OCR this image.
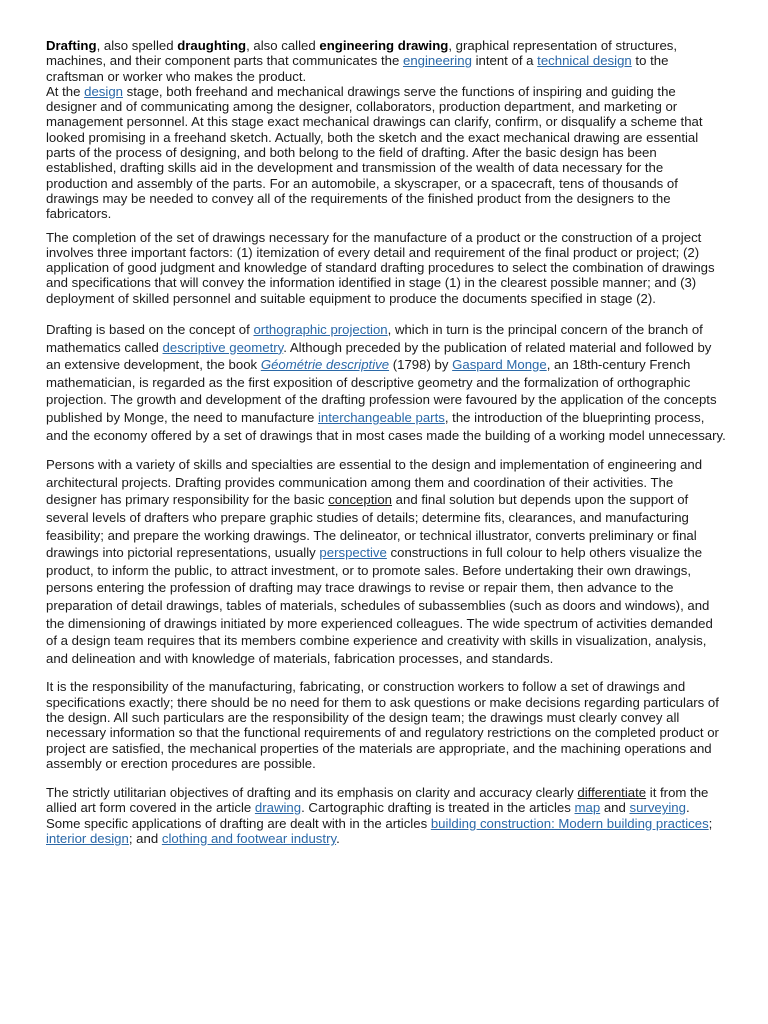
Drafting, also spelled draughting, also called engineering drawing, graphical representation of structures, machines, and their component parts that communicates the engineering intent of a technical design to the craftsman or worker who makes the product.

At the design stage, both freehand and mechanical drawings serve the functions of inspiring and guiding the designer and of communicating among the designer, collaborators, production department, and marketing or management personnel. At this stage exact mechanical drawings can clarify, confirm, or disqualify a scheme that looked promising in a freehand sketch. Actually, both the sketch and the exact mechanical drawing are essential parts of the process of designing, and both belong to the field of drafting. After the basic design has been established, drafting skills aid in the development and transmission of the wealth of data necessary for the production and assembly of the parts. For an automobile, a skyscraper, or a spacecraft, tens of thousands of drawings may be needed to convey all of the requirements of the finished product from the designers to the fabricators.

The completion of the set of drawings necessary for the manufacture of a product or the construction of a project involves three important factors: (1) itemization of every detail and requirement of the final product or project; (2) application of good judgment and knowledge of standard drafting procedures to select the combination of drawings and specifications that will convey the information identified in stage (1) in the clearest possible manner; and (3) deployment of skilled personnel and suitable equipment to produce the documents specified in stage (2).

Drafting is based on the concept of orthographic projection, which in turn is the principal concern of the branch of mathematics called descriptive geometry. Although preceded by the publication of related material and followed by an extensive development, the book Géométrie descriptive (1798) by Gaspard Monge, an 18th-century French mathematician, is regarded as the first exposition of descriptive geometry and the formalization of orthographic projection. The growth and development of the drafting profession were favoured by the application of the concepts published by Monge, the need to manufacture interchangeable parts, the introduction of the blueprinting process, and the economy offered by a set of drawings that in most cases made the building of a working model unnecessary.

Persons with a variety of skills and specialties are essential to the design and implementation of engineering and architectural projects. Drafting provides communication among them and coordination of their activities. The designer has primary responsibility for the basic conception and final solution but depends upon the support of several levels of drafters who prepare graphic studies of details; determine fits, clearances, and manufacturing feasibility; and prepare the working drawings. The delineator, or technical illustrator, converts preliminary or final drawings into pictorial representations, usually perspective constructions in full colour to help others visualize the product, to inform the public, to attract investment, or to promote sales. Before undertaking their own drawings, persons entering the profession of drafting may trace drawings to revise or repair them, then advance to the preparation of detail drawings, tables of materials, schedules of subassemblies (such as doors and windows), and the dimensioning of drawings initiated by more experienced colleagues. The wide spectrum of activities demanded of a design team requires that its members combine experience and creativity with skills in visualization, analysis, and delineation and with knowledge of materials, fabrication processes, and standards.

It is the responsibility of the manufacturing, fabricating, or construction workers to follow a set of drawings and specifications exactly; there should be no need for them to ask questions or make decisions regarding particulars of the design. All such particulars are the responsibility of the design team; the drawings must clearly convey all necessary information so that the functional requirements of and regulatory restrictions on the completed product or project are satisfied, the mechanical properties of the materials are appropriate, and the machining operations and assembly or erection procedures are possible.

The strictly utilitarian objectives of drafting and its emphasis on clarity and accuracy clearly differentiate it from the allied art form covered in the article drawing. Cartographic drafting is treated in the articles map and surveying. Some specific applications of drafting are dealt with in the articles building construction: Modern building practices; interior design; and clothing and footwear industry.
